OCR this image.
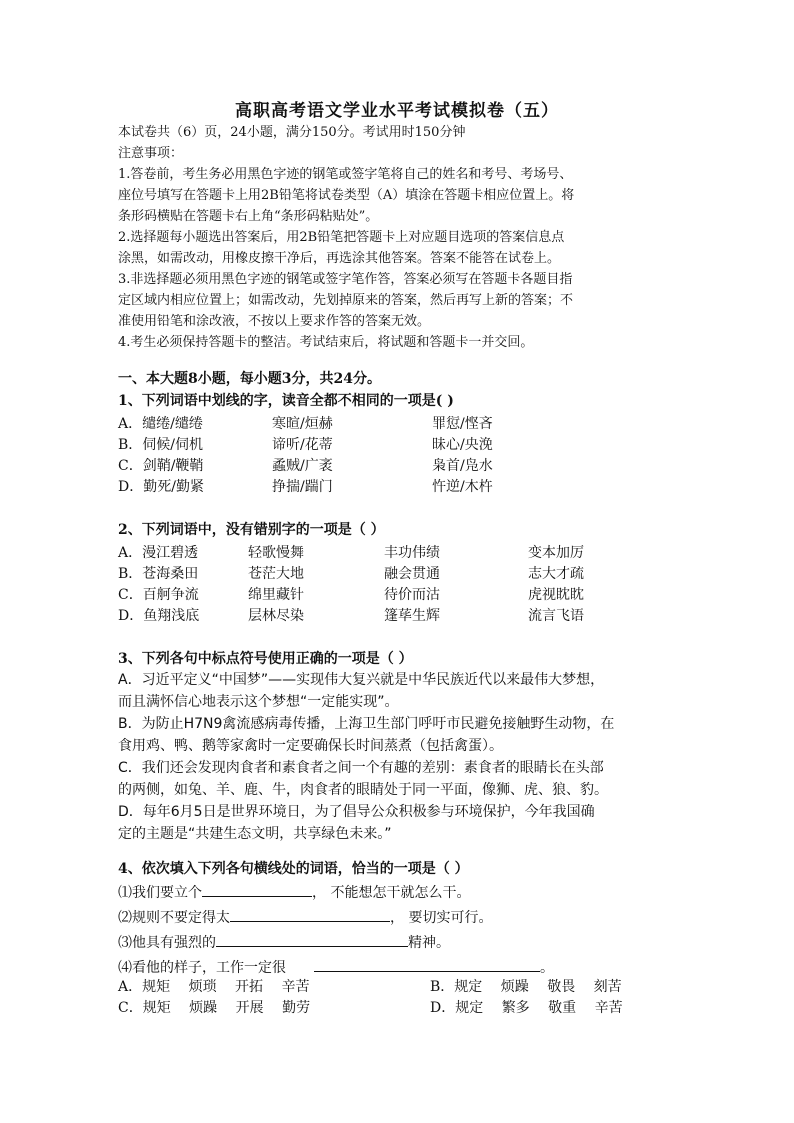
高职高考语文学业水平考试模拟卷（五）
本试卷共（6）页，24小题，满分150分。考试用时150分钟
注意事项：
1.答卷前，考生务必用黑色字迹的钢笔或签字笔将自己的姓名和考号、考场号、
座位号填写在答题卡上用2B铅笔将试卷类型（A）填涂在答题卡相应位置上。将
条形码横贴在答题卡右上角“条形码粘贴处”。
2.选择题每小题选出答案后，用2B铅笔把答题卡上对应题目选项的答案信息点
涂黑，如需改动，用橡皮擦干净后，再选涂其他答案。答案不能答在试卷上。
3.非选择题必须用黑色字迹的钢笔或签字笔作答，答案必须写在答题卡各题目指
定区域内相应位置上；如需改动，先划掉原来的答案，然后再写上新的答案；不
准使用铅笔和涂改液，不按以上要求作答的答案无效。
4.考生必须保持答题卡的整洁。考试结束后，将试题和答题卡一并交回。
一、本大题8小题，每小题3分，共24分。
1、下列词语中划线的字，读音全都不相同的一项是( )
A．缱绻/缱绻	寒暄/烜赫	罪愆/悭吝
B．伺候/伺机	谛听/花蒂	昧心/央浼
C．剑鞘/鞭鞘	蟊贼/广袤	枭首/凫水
D．勤死/勤紧	挣揣/踹门	忤逆/木杵
2、下列词语中，没有错别字的一项是（ ）
A．漫江碧透	轻歌慢舞	丰功伟绩	变本加厉
B．苍海桑田	苍茫大地	融会贯通	志大才疏
C．百舸争流	绵里藏针	待价而沽	虎视眈眈
D．鱼翔浅底	层林尽染	篷荜生辉	流言飞语
3、下列各句中标点符号使用正确的一项是（ ）
A．习近平定义“中国梦”——实现伟大复兴就是中华民族近代以来最伟大梦想，
而且满怀信心地表示这个梦想“一定能实现”。
B．为防止H7N9禽流感病毒传播，上海卫生部门呼吁市民避免接触野生动物，在
食用鸡、鸭、鹅等家禽时一定要确保长时间蒸煮（包括禽蛋）。
C．我们还会发现肉食者和素食者之间一个有趣的差别：素食者的眼睛长在头部
的两侧，如兔、羊、鹿、牛，肉食者的眼睛处于同一平面，像狮、虎、狼、豹。
D．每年6月5日是世界环境日，为了倡导公众积极参与环境保护，今年我国确
定的主题是“共建生态文明，共享绿色未来。”
4、依次填入下列各句横线处的词语，恰当的一项是（ ）
⑴我们要立个	， 不能想怎干就怎么干。
⑵规则不要定得太	， 要切实可行。
⑶他具有强烈的	精神。
⑷看他的样子，工作一定很	。
A．规矩 烦琐 开拓 辛苦	B．规定 烦躁 敬畏 刻苦
C．规矩 烦躁 开展 勤劳	D．规定 繁多 敬重 辛苦
